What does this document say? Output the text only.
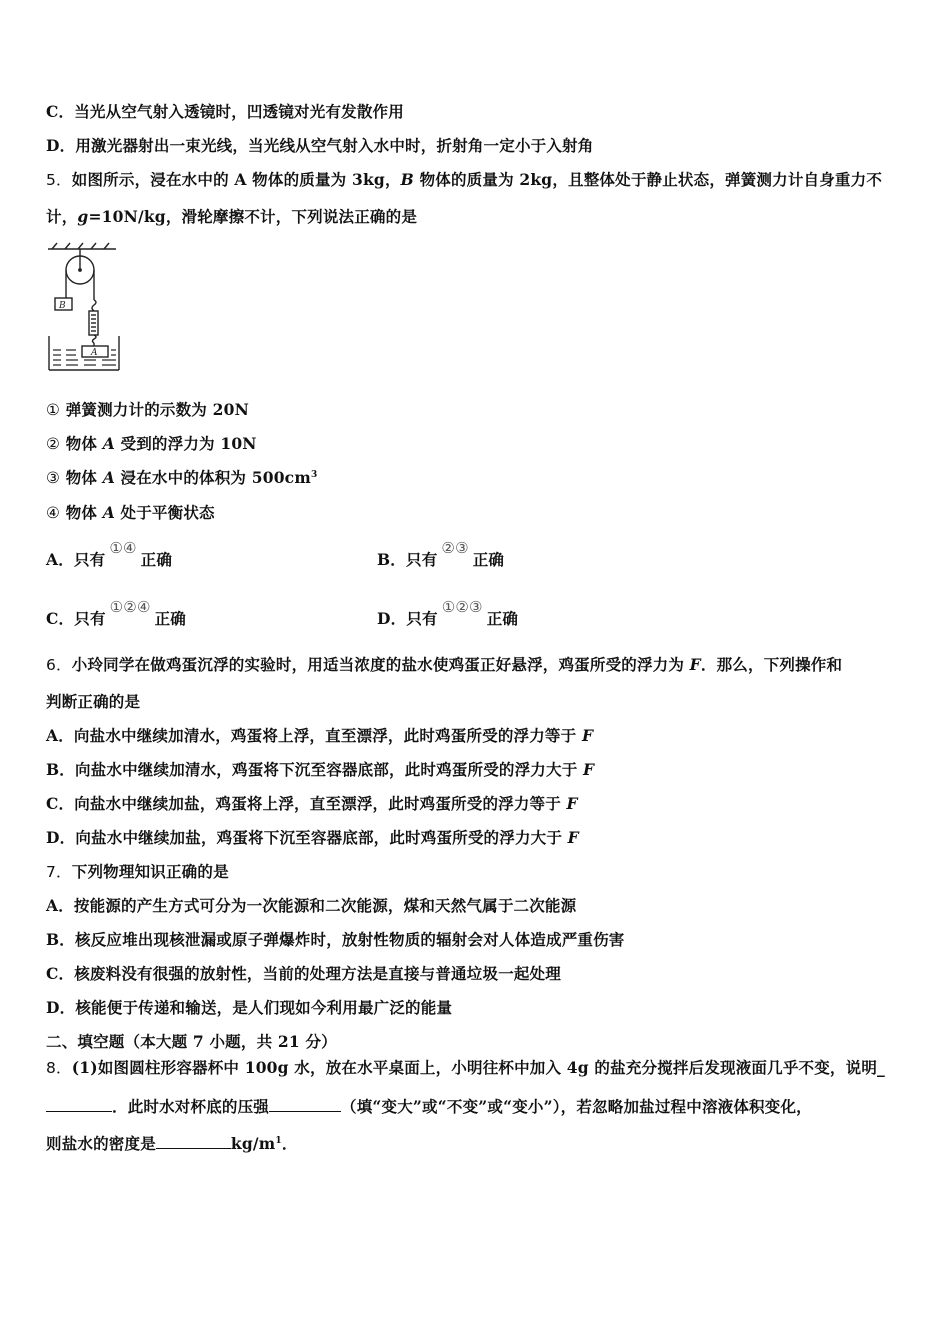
C．当光从空气射入透镜时，凹透镜对光有发散作用
D．用激光器射出一束光线，当光线从空气射入水中时，折射角一定小于入射角
5．如图所示，浸在水中的 A 物体的质量为 3kg，B 物体的质量为 2kg，且整体处于静止状态，弹簧测力计自身重力不
计，g=10N/kg，滑轮摩擦不计，下列说法正确的是
B
A
① 弹簧测力计的示数为 20N
② 物体 A 受到的浮力为 10N
③ 物体 A 浸在水中的体积为 $500cm^3$
④ 物体 A 处于平衡状态
A．只有①④正确	B．只有②③正确
C．只有①②④正确	D．只有①②③正确
6．小玲同学在做鸡蛋沉浮的实验时，用适当浓度的盐水使鸡蛋正好悬浮，鸡蛋所受的浮力为 F．那么，下列操作和
判断正确的是
A．向盐水中继续加清水，鸡蛋将上浮，直至漂浮，此时鸡蛋所受的浮力等于 F
B．向盐水中继续加清水，鸡蛋将下沉至容器底部，此时鸡蛋所受的浮力大于 F
C．向盐水中继续加盐，鸡蛋将上浮，直至漂浮，此时鸡蛋所受的浮力等于 F
D．向盐水中继续加盐，鸡蛋将下沉至容器底部，此时鸡蛋所受的浮力大于 F
7．下列物理知识正确的是
A．按能源的产生方式可分为一次能源和二次能源，煤和天然气属于二次能源
B．核反应堆出现核泄漏或原子弹爆炸时，放射性物质的辐射会对人体造成严重伤害
C．核废料没有很强的放射性，当前的处理方法是直接与普通垃圾一起处理
D．核能便于传递和输送，是人们现如今利用最广泛的能量
二、填空题（本大题 7 小题，共 21 分）
8．(1)如图圆柱形容器杯中 100g 水，放在水平桌面上，小明往杯中加入 4g 的盐充分搅拌后发现液面几乎不变，说明_
．此时水对杯底的压强	（填“变大”或“不变”或“变小”），若忽略加盐过程中溶液体积变化，
则盐水的密度是	$kg/m^1$．
